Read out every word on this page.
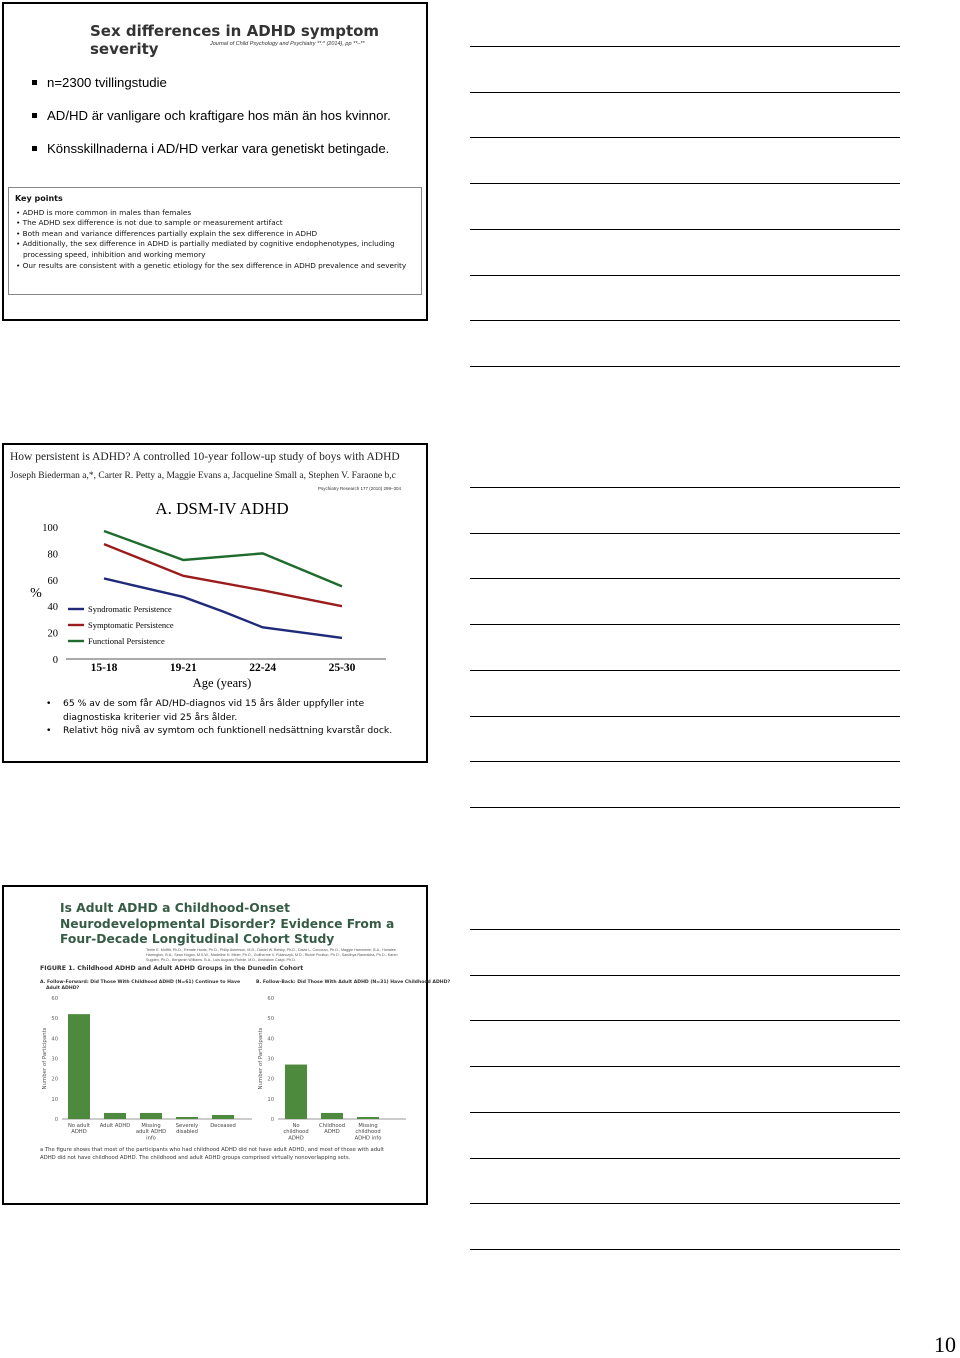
Sex differences in ADHD symptom severity	Journal of Child Psychology and Psychiatry **:* (2014), pp **–**
n=2300 tvillingstudie
AD/HD är vanligare och kraftigare hos män än hos kvinnor.
Könsskillnaderna i AD/HD verkar vara genetiskt betingade.
Key points
• ADHD is more common in males than females
• The ADHD sex difference is not due to sample or measurement artifact
• Both mean and variance differences partially explain the sex difference in ADHD
• Additionally, the sex difference in ADHD is partially mediated by cognitive endophenotypes, including processing speed, inhibition and working memory
• Our results are consistent with a genetic etiology for the sex difference in ADHD prevalence and severity
How persistent is ADHD? A controlled 10-year follow-up study of boys with ADHD
Joseph Biederman a,*, Carter R. Petty a, Maggie Evans a, Jacqueline Small a, Stephen V. Faraone b,c
Psychiatry Research 177 (2010) 299–304
A. DSM-IV ADHD
%
0
20
40
60
80
100
15-18	19-21	22-24	25-30
Age (years)
Syndromatic Persistence
Symptomatic Persistence
Functional Persistence
• 65 % av de som får AD/HD-diagnos vid 15 års ålder uppfyller inte diagnostiska kriterier vid 25 års ålder.
• Relativt hög nivå av symtom och funktionell nedsättning kvarstår dock.
Is Adult ADHD a Childhood-Onset Neurodevelopmental Disorder? Evidence From a Four-Decade Longitudinal Cohort Study
Terrie E. Moffitt, Ph.D., Renate Houts, Ph.D., Philip Asherson, M.D., Daniel W. Belsky, Ph.D., David L. Corcoran, Ph.D., Maggie Hammerle, B.A., Honalee Harrington, B.A., Sean Hogan, M.S.W., Madeline H. Meier, Ph.D., Guilherme V. Polanczyk, M.D., Richie Poulton, Ph.D., Sandhya Ramrakha, Ph.D., Karen Sugden, Ph.D., Benjamin Williams, B.A., Luis Augusto Rohde, M.D., Avshalom Caspi, Ph.D.
FIGURE 1. Childhood ADHD and Adult ADHD Groups in the Dunedin Cohort
A. Follow-Forward: Did Those With Childhood ADHD (N=61) Continue to Have
Adult ADHD?
0
10
20
30
40
50
60
Number of Participants
No adult
ADHD
Adult ADHD Missing
adult ADHD
info
Severely
disabled
Deceased
B. Follow-Back: Did Those With Adult ADHD (N=31) Have Childhood ADHD?
0
10
20
30
40
50
60
Number of Participants
No
childhood
ADHD
Childhood
ADHD
Missing
childhood
ADHD info
a The figure shows that most of the participants who had childhood ADHD did not have adult ADHD, and most of those with adult ADHD did not have childhood ADHD. The childhood and adult ADHD groups comprised virtually nonoverlapping sets.
10
